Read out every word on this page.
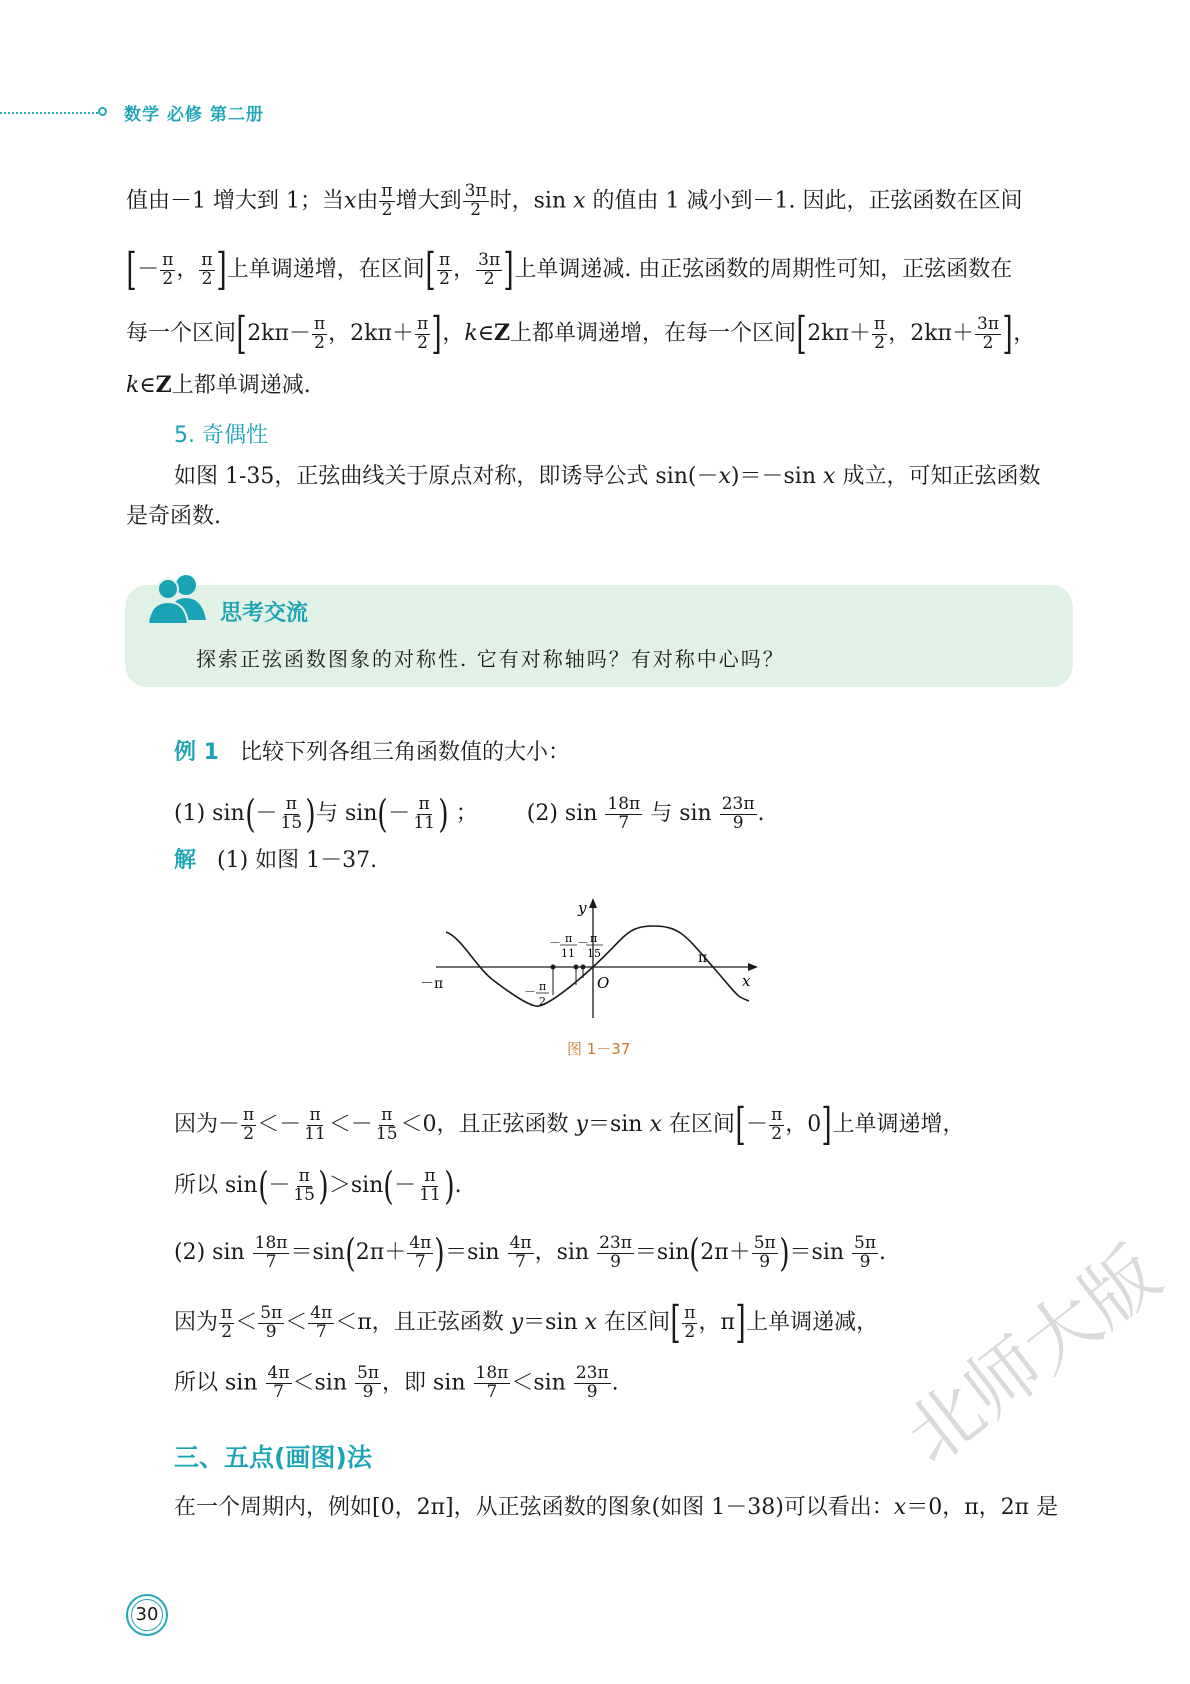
数学 必修 第二册
值由－1 增大到 1；当x由 $\frac{\pi}{2}$ 增大到 $\frac{3\pi}{2}$ 时，sin x 的值由 1 减小到－1. 因此，正弦函数在区间
[－ $\frac{\pi}{2}$ ， $\frac{\pi}{2}$ ]上单调递增，在区间[ $\frac{\pi}{2}$ ， $\frac{3\pi}{2}$ ]上单调递减. 由正弦函数的周期性可知，正弦函数在
每一个区间[$2k\pi- \frac{\pi}{2}$ ，$2k\pi+ \frac{\pi}{2}$ ]，k∈Z上都单调递增，在每一个区间[$2k\pi+ \frac{\pi}{2}$ ，$2k\pi+ \frac{3\pi}{2}$ ]，
k∈Z上都单调递减.
5. 奇偶性
如图 1-35，正弦曲线关于原点对称，即诱导公式 sin(－x)＝－sin x 成立，可知正弦函数
是奇函数.
思考交流
探索正弦函数图象的对称性. 它有对称轴吗？有对称中心吗？
例 1 比较下列各组三角函数值的大小：
(1) $\sin(- \frac{\pi}{15}$ )与 $\sin(- \frac{\pi}{11}$ ) ； (2) $\sin \frac{18\pi}{7}$ 与 $\sin \frac{23\pi}{9}$ .
解 (1) 如图 1－37.
y
x
O
－π
π
－ π
11
－ π
15
－ π
2
图 1－37
因为－ $\frac{\pi}{2} <- \frac{\pi}{11} <- \frac{\pi}{15} <0$，且正弦函数 y＝sin x 在区间[－ $\frac{\pi}{2}$ ，0]上单调递增，
所以 $\sin(- \frac{\pi}{15} )>\sin(- \frac{\pi}{11}$ ).
(2) $\sin \frac{18\pi}{7} =\sin(2\pi+ \frac{4\pi}{7} )=\sin \frac{4\pi}{7}$ ，$\sin \frac{23\pi}{9} =\sin(2\pi+ \frac{5\pi}{9} )=\sin \frac{5\pi}{9}$ .
因为 $\frac{\pi}{2} < \frac{5\pi}{9} < \frac{4\pi}{7} <\pi$，且正弦函数 y＝sin x 在区间[ $\frac{\pi}{2}$ ，π]上单调递减，
所以 $\sin \frac{4\pi}{7} <\sin \frac{5\pi}{9}$ ，即 $\sin \frac{18\pi}{7} <\sin \frac{23\pi}{9}$ .
三、五点(画图)法
在一个周期内，例如[0，2π]，从正弦函数的图象(如图 1－38)可以看出：x＝0，π，2π 是
30
北师大版
